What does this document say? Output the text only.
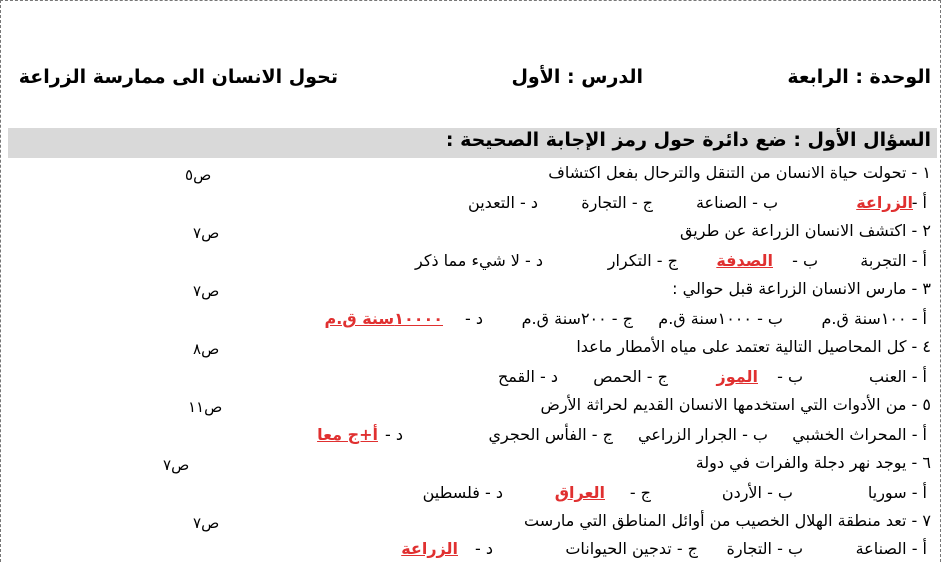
الوحدة : الرابعة
الدرس : الأول
تحول الانسان الى ممارسة الزراعة
السؤال الأول : ضع دائرة حول رمز الإجابة الصحيحة :
١ - تحولت حياة الانسان من التنقل والترحال بفعل اكتشاف
ص٥
أ -
الزراعة
ب - الصناعة
ج - التجارة
د - التعدين
٢ - اكتشف الانسان الزراعة عن طريق
ص٧
أ - التجربة
ب -
الصدفة
ج - التكرار
د - لا شيء مما ذكر
٣ - مارس الانسان الزراعة قبل حوالي :
ص٧
أ - ١٠٠سنة ق.م
ب - ١٠٠٠سنة ق.م
ج - ٢٠٠سنة ق.م
د -
١٠٠٠٠سنة ق.م
٤ - كل المحاصيل التالية تعتمد على مياه الأمطار ماعدا
ص٨
أ - العنب
ب -
الموز
ج - الحمص
د - القمح
٥ - من الأدوات التي استخدمها الانسان القديم لحراثة الأرض
ص١١
أ - المحراث الخشبي
ب - الجرار الزراعي
ج - الفأس الحجري
د -
أ+ج معا
٦ - يوجد نهر دجلة والفرات في دولة
ص٧
أ - سوريا
ب - الأردن
ج -
العراق
د - فلسطين
٧ - تعد منطقة الهلال الخصيب من أوائل المناطق التي مارست
ص٧
أ - الصناعة
ب - التجارة
ج - تدجين الحيوانات
د -
الزراعة
